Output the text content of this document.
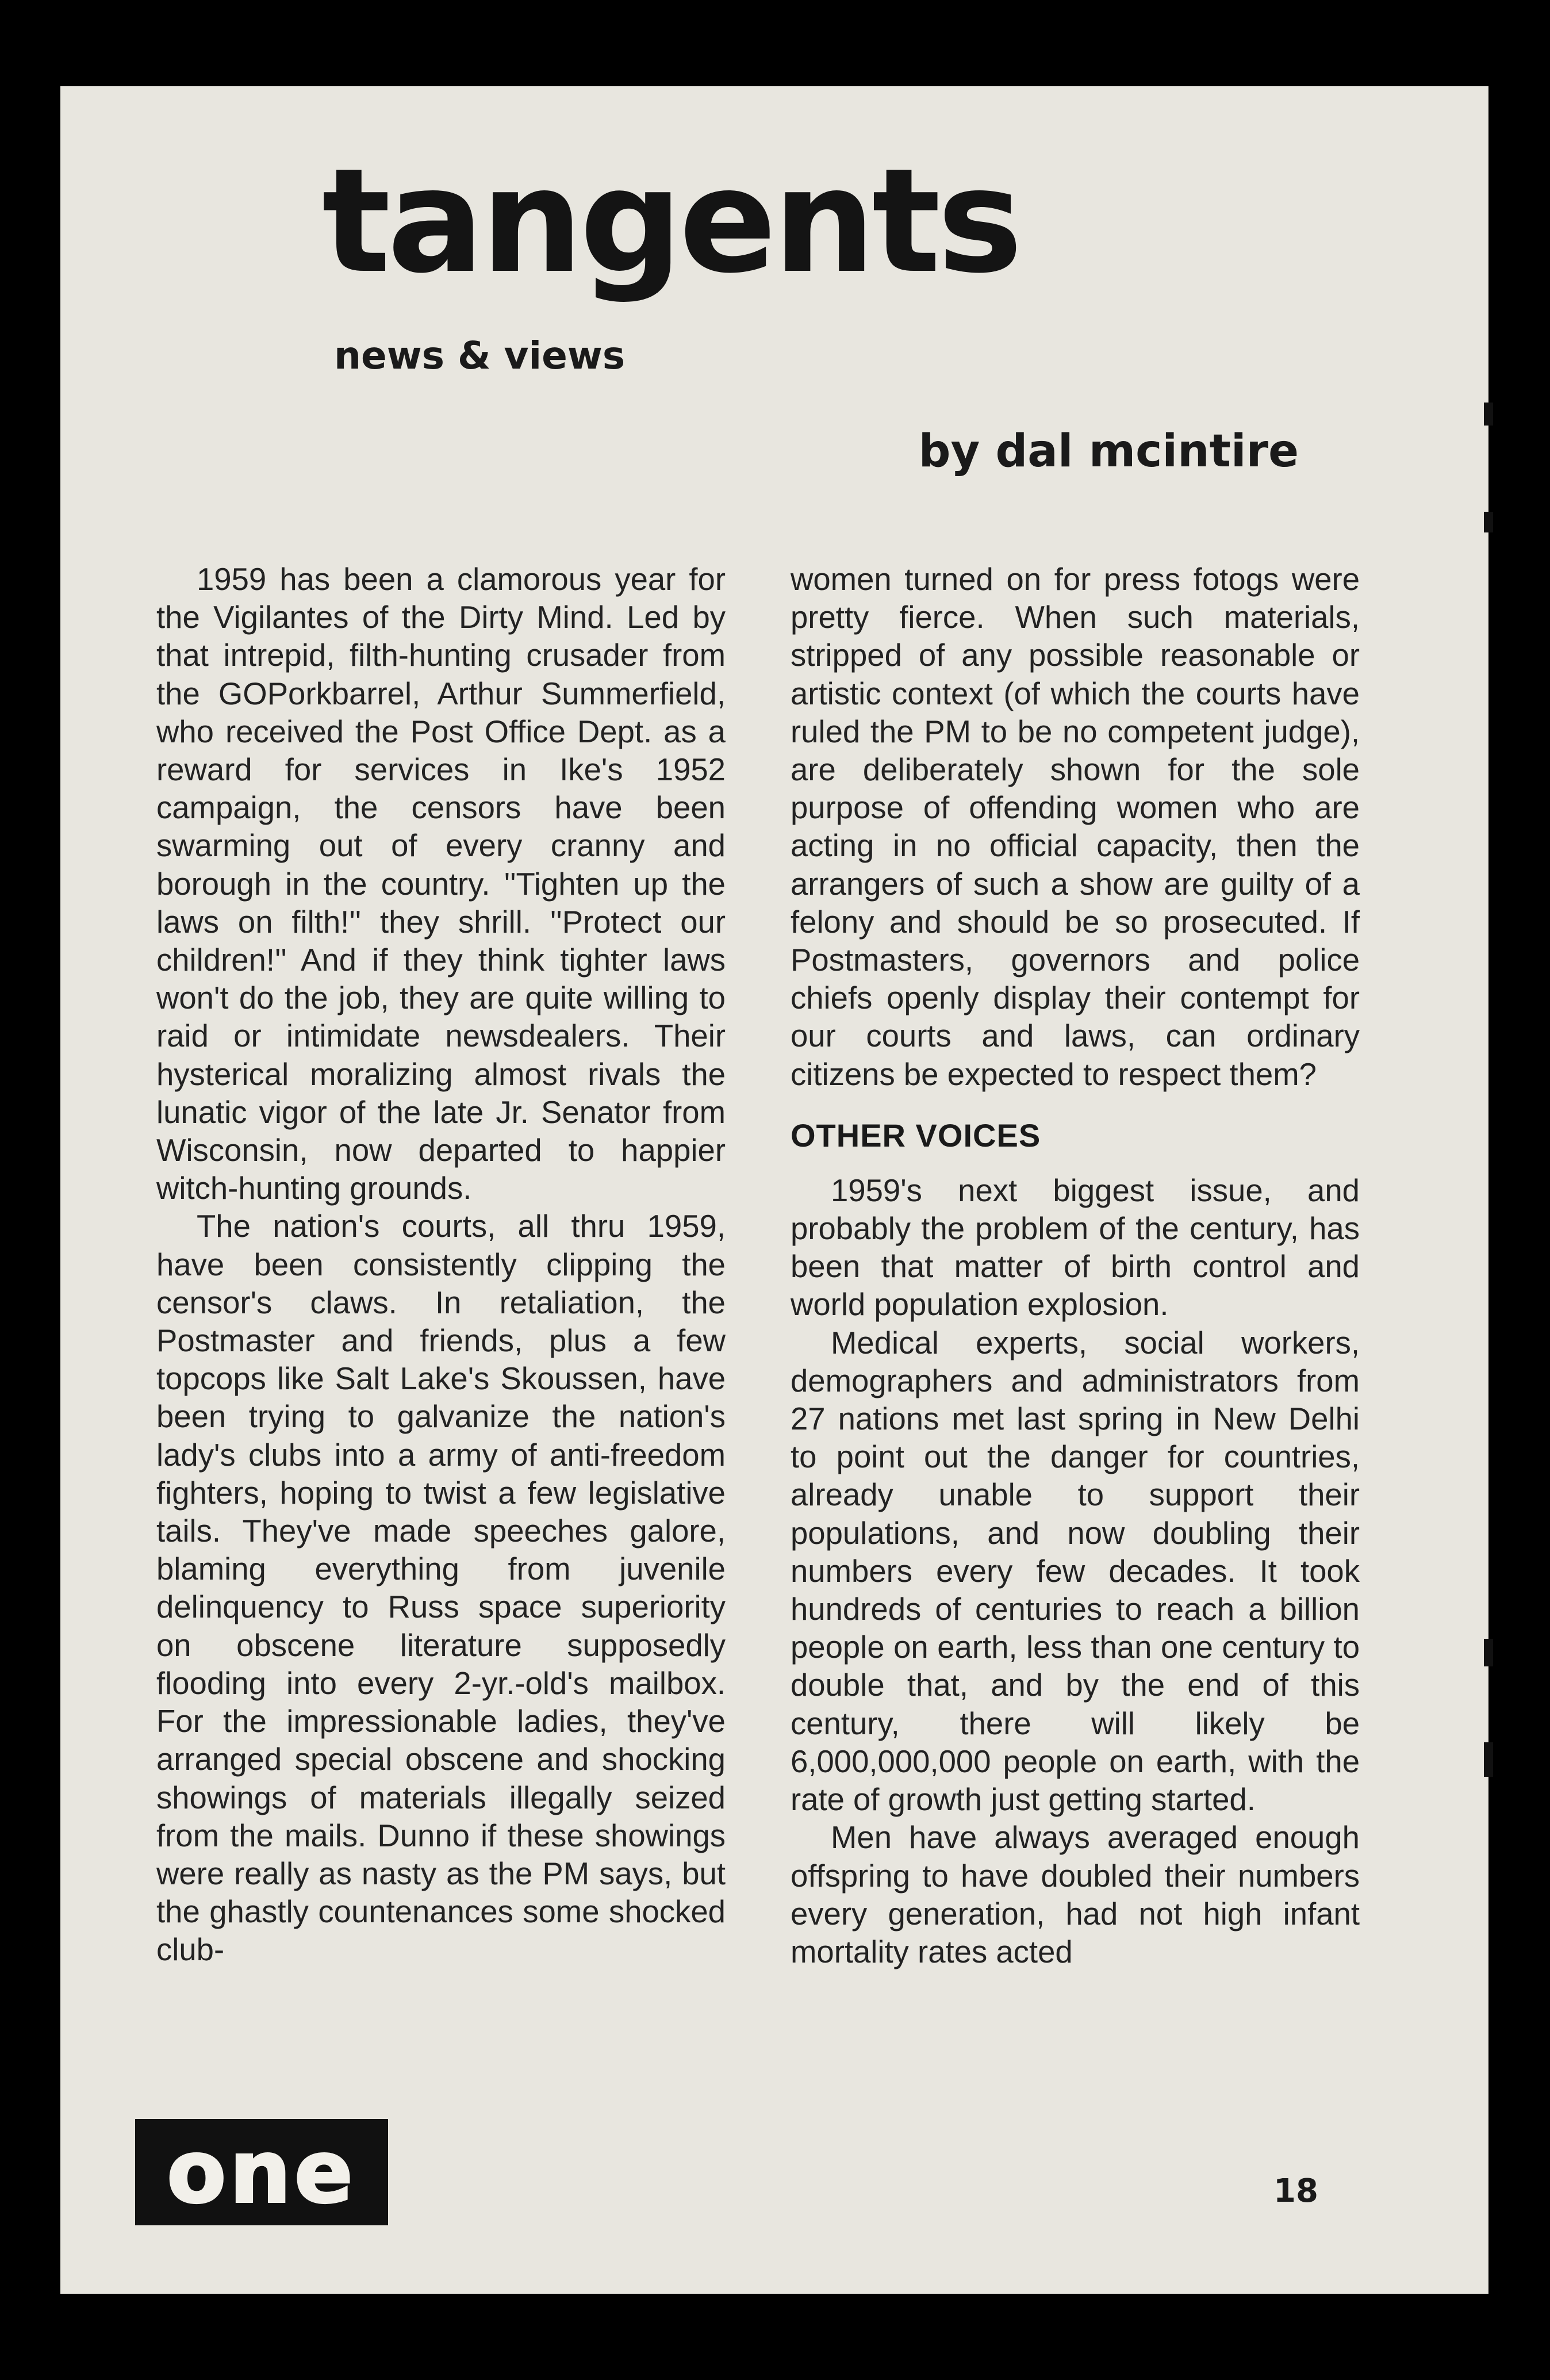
tangents
news & views
by dal mcintire

1959 has been a clamorous year for the Vigilantes of the Dirty Mind. Led by that intrepid, filth-hunting crusader from the GOPorkbarrel, Arthur Summerfield, who received the Post Office Dept. as a reward for services in Ike's 1952 campaign, the censors have been swarming out of every cranny and borough in the country. ''Tighten up the laws on filth!'' they shrill. ''Protect our children!'' And if they think tighter laws won't do the job, they are quite willing to raid or intimidate newsdealers. Their hysterical moralizing almost rivals the lunatic vigor of the late Jr. Senator from Wisconsin, now departed to happier witch-hunting grounds.

The nation's courts, all thru 1959, have been consistently clipping the censor's claws. In retaliation, the Postmaster and friends, plus a few topcops like Salt Lake's Skoussen, have been trying to galvanize the nation's lady's clubs into a army of anti-freedom fighters, hoping to twist a few legislative tails. They've made speeches galore, blaming everything from juvenile delinquency to Russ space superiority on obscene literature supposedly flooding into every 2-yr.-old's mailbox. For the impressionable ladies, they've arranged special obscene and shocking showings of materials illegally seized from the mails. Dunno if these showings were really as nasty as the PM says, but the ghastly countenances some shocked club-

women turned on for press fotogs were pretty fierce. When such materials, stripped of any possible reasonable or artistic context (of which the courts have ruled the PM to be no competent judge), are deliberately shown for the sole purpose of offending women who are acting in no official capacity, then the arrangers of such a show are guilty of a felony and should be so prosecuted. If Postmasters, governors and police chiefs openly display their contempt for our courts and laws, can ordinary citizens be expected to respect them?

OTHER VOICES

1959's next biggest issue, and probably the problem of the century, has been that matter of birth control and world population explosion.

Medical experts, social workers, demographers and administrators from 27 nations met last spring in New Delhi to point out the danger for countries, already unable to support their populations, and now doubling their numbers every few decades. It took hundreds of centuries to reach a billion people on earth, less than one century to double that, and by the end of this century, there will likely be 6,000,000,000 people on earth, with the rate of growth just getting started.

Men have always averaged enough offspring to have doubled their numbers every generation, had not high infant mortality rates acted

one	18
